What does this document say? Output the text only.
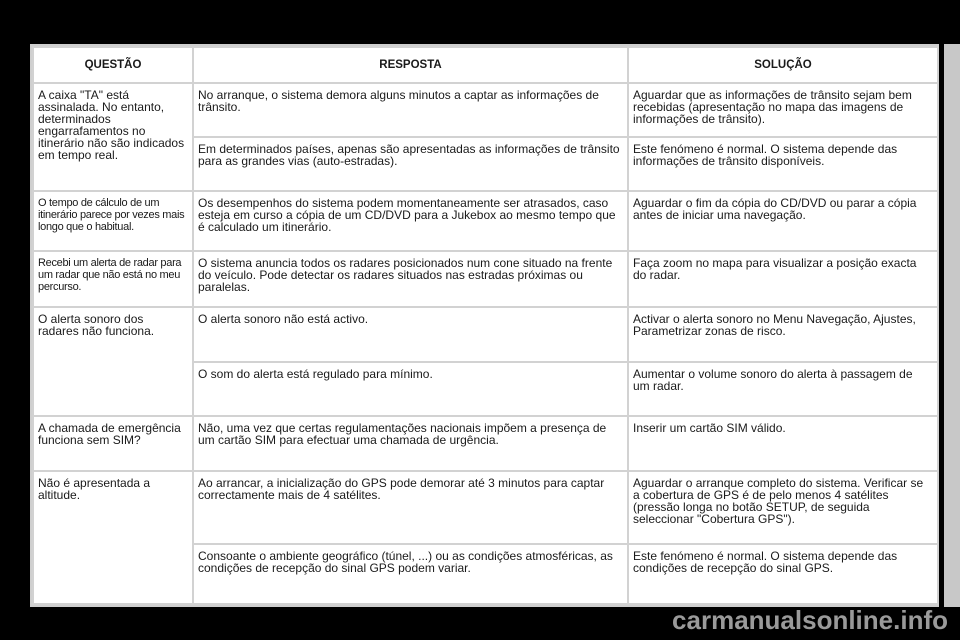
QUESTÃO	RESPOSTA	SOLUÇÃO
A caixa "TA" está assinalada. No entanto, determinados engarrafamentos no itinerário não são indicados em tempo real.	No arranque, o sistema demora alguns minutos a captar as informações de trânsito.	Aguardar que as informações de trânsito sejam bem recebidas (apresentação no mapa das imagens de informações de trânsito).
	Em determinados países, apenas são apresentadas as informações de trânsito para as grandes vias (auto-estradas).	Este fenómeno é normal. O sistema depende das informações de trânsito disponíveis.
O tempo de cálculo de um itinerário parece por vezes mais longo que o habitual.	Os desempenhos do sistema podem momentaneamente ser atrasados, caso esteja em curso a cópia de um CD/DVD para a Jukebox ao mesmo tempo que é calculado um itinerário.	Aguardar o fim da cópia do CD/DVD ou parar a cópia antes de iniciar uma navegação.
Recebi um alerta de radar para um radar que não está no meu percurso.	O sistema anuncia todos os radares posicionados num cone situado na frente do veículo. Pode detectar os radares situados nas estradas próximas ou paralelas.	Faça zoom no mapa para visualizar a posição exacta do radar.
O alerta sonoro dos radares não funciona.	O alerta sonoro não está activo.	Activar o alerta sonoro no Menu Navegação, Ajustes, Parametrizar zonas de risco.
	O som do alerta está regulado para mínimo.	Aumentar o volume sonoro do alerta à passagem de um radar.
A chamada de emergência funciona sem SIM?	Não, uma vez que certas regulamentações nacionais impõem a presença de um cartão SIM para efectuar uma chamada de urgência.	Inserir um cartão SIM válido.
Não é apresentada a altitude.	Ao arrancar, a inicialização do GPS pode demorar até 3 minutos para captar correctamente mais de 4 satélites.	Aguardar o arranque completo do sistema. Verificar se a cobertura de GPS é de pelo menos 4 satélites (pressão longa no botão SETUP, de seguida seleccionar "Cobertura GPS").
	Consoante o ambiente geográfico (túnel, ...) ou as condições atmosféricas, as condições de recepção do sinal GPS podem variar.	Este fenómeno é normal. O sistema depende das condições de recepção do sinal GPS.
carmanualsonline.info
